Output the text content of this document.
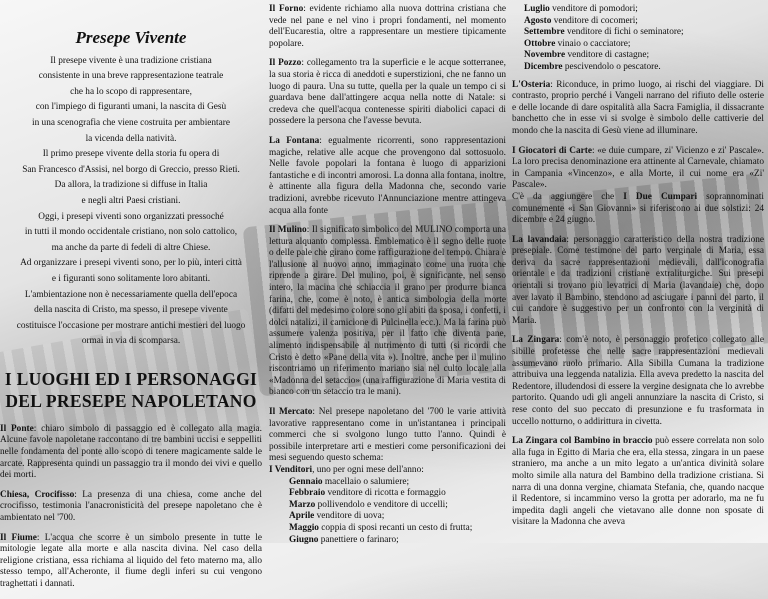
Presepe Vivente

Il presepe vivente è una tradizione cristiana

consistente in una breve rappresentazione teatrale

che ha lo scopo di rappresentare,

con l'impiego di figuranti umani, la nascita di Gesù

in una scenografia che viene costruita per ambientare

la vicenda della natività.

Il primo presepe vivente della storia fu opera di

San Francesco d'Assisi, nel borgo di Greccio, presso Rieti.

Da allora, la tradizione si diffuse in Italia

e negli altri Paesi cristiani.

Oggi, i presepi viventi sono organizzati pressoché

in tutti il mondo occidentale cristiano, non solo cattolico,

ma anche da parte di fedeli di altre Chiese.

Ad organizzare i presepi viventi sono, per lo più, interi città

e i figuranti sono solitamente loro abitanti.

L'ambientazione non è necessariamente quella dell'epoca

della nascita di Cristo, ma spesso, il presepe vivente

costituisce l'occasione per mostrare antichi mestieri del luogo

ormai in via di scomparsa.

I LUOGHI ED I PERSONAGGI
DEL PRESEPE NAPOLETANO

Il Ponte: chiaro simbolo di passaggio ed è collegato alla magia. Alcune favole napoletane raccontano di tre bambini uccisi e seppelliti nelle fondamenta del ponte allo scopo di tenere magicamente salde le arcate. Rappresenta quindi un passaggio tra il mondo dei vivi e quello dei morti.

Chiesa, Crocifisso: La presenza di una chiesa, come anche del crocifisso, testimonia l'anacronisticità del presepe napoletano che è ambientato nel '700.

Il Fiume: L'acqua che scorre è un simbolo presente in tutte le mitologie legate alla morte e alla nascita divina. Nel caso della religione cristiana, essa richiama al liquido del feto materno ma, allo stesso tempo, all'Acheronte, il fiume degli inferi su cui vengono traghettati i dannati.

Il Forno: evidente richiamo alla nuova dottrina cristiana che vede nel pane e nel vino i propri fondamenti, nel momento dell'Eucarestia, oltre a rappresentare un mestiere tipicamente popolare.

Il Pozzo: collegamento tra la superficie e le acque sotterranee, la sua storia è ricca di aneddoti e superstizioni, che ne fanno un luogo di paura. Una su tutte, quella per la quale un tempo ci si guardava bene dall'attingere acqua nella notte di Natale: si credeva che quell'acqua contenesse spiriti diabolici capaci di possedere la persona che l'avesse bevuta.

La Fontana: egualmente ricorrenti, sono rappresentazioni magiche, relative alle acque che provengono dal sottosuolo. Nelle favole popolari la fontana è luogo di apparizioni fantastiche e di incontri amorosi. La donna alla fontana, inoltre, è attinente alla figura della Madonna che, secondo varie tradizioni, avrebbe ricevuto l'Annunciazione mentre attingeva acqua alla fonte

Il Mulino: Il significato simbolico del MULINO comporta una lettura alquanto complessa. Emblematico è il segno delle ruote o delle pale che girano come raffigurazione del tempo. Chiara è l'allusione al nuovo anno, immaginato come una ruota che riprende a girare. Del mulino, poi, è significante, nel senso intero, la macina che schiaccia il grano per produrre bianca farina, che, come è noto, è antica simbologia della morte (difatti del medesimo colore sono gli abiti da sposa, i confetti, i dolci natalizi, il camicione di Pulcinella ecc.). Ma la farina può assumere valenza positiva, per il fatto che diventa pane, alimento indispensabile al nutrimento di tutti (si ricordi che Cristo è detto «Pane della vita »). Inoltre, anche per il mulino riscontriamo un riferimento mariano sia nel culto locale alla «Madonna del setaccio» (una raffigurazione di Maria vestita di bianco con un setaccio tra le mani).

Il Mercato: Nel presepe napoletano del '700 le varie attività lavorative rappresentano come in un'istantanea i principali commerci che si svolgono lungo tutto l'anno. Quindi è possibile interpretare arti e mestieri come personificazioni dei mesi seguendo questo schema:

I Venditori, uno per ogni mese dell'anno:

Gennaio macellaio o salumiere;
Febbraio venditore di ricotta e formaggio
Marzo pollivendolo e venditore di uccelli;
Aprile venditore di uova;
Maggio coppia di sposi recanti un cesto di frutta;
Giugno panettiere o farinaro;
Luglio venditore di pomodori;
Agosto venditore di cocomeri;
Settembre venditore di fichi o seminatore;
Ottobre vinaio o cacciatore;
Novembre venditore di castagne;
Dicembre pescivendolo o pescatore.

L'Osteria: Riconduce, in primo luogo, ai rischi del viaggiare. Di contrasto, proprio perché i Vangeli narrano del rifiuto delle osterie e delle locande di dare ospitalità alla Sacra Famiglia, il dissacrante banchetto che in esse vi si svolge è simbolo delle cattiverie del mondo che la nascita di Gesù viene ad illuminare.

I Giocatori di Carte: «e duie cumpare, zi' Vicienzo e zi' Pascale». La loro precisa denominazione era attinente al Carnevale, chiamato in Campania «Vincenzo», e alla Morte, il cui nome era «Zi' Pascale».

C'è da aggiungere che I Due Cumpari soprannominati comunemente «i San Giovanni» si riferiscono ai due solstizi: 24 dicembre e 24 giugno.

La lavandaia: personaggio caratteristico della nostra tradizione presepiale. Come testimone del parto verginale di Maria, essa deriva da sacre rappresentazioni medievali, dall'iconografia orientale e da tradizioni cristiane extraliturgiche. Sui presepi orientali si trovano più levatrici di Maria (lavandaie) che, dopo aver lavato il Bambino, stendono ad asciugare i panni del parto, il cui candore è suggestivo per un confronto con la verginità di Maria.

La Zingara: com'è noto, è personaggio profetico collegato alle sibille profetesse che nelle sacre rappresentazioni medievali assumevano ruolo primario. Alla Sibilla Cumana la tradizione attribuiva una leggenda natalizia. Ella aveva predetto la nascita del Redentore, illudendosi di essere la vergine designata che lo avrebbe partorito. Quando udì gli angeli annunziare la nascita di Cristo, si rese conto del suo peccato di presunzione e fu trasformata in uccello notturno, o addirittura in civetta.

La Zingara col Bambino in braccio può essere correlata non solo alla fuga in Egitto di Maria che era, ella stessa, zingara in un paese straniero, ma anche a un mito legato a un'antica divinità solare molto simile alla natura del Bambino della tradizione cristiana. Si narra di una donna vergine, chiamata Stefania, che, quando nacque il Redentore, si incammino verso la grotta per adorarlo, ma ne fu impedita dagli angeli che vietavano alle donne non sposate di visitare la Madonna che aveva
